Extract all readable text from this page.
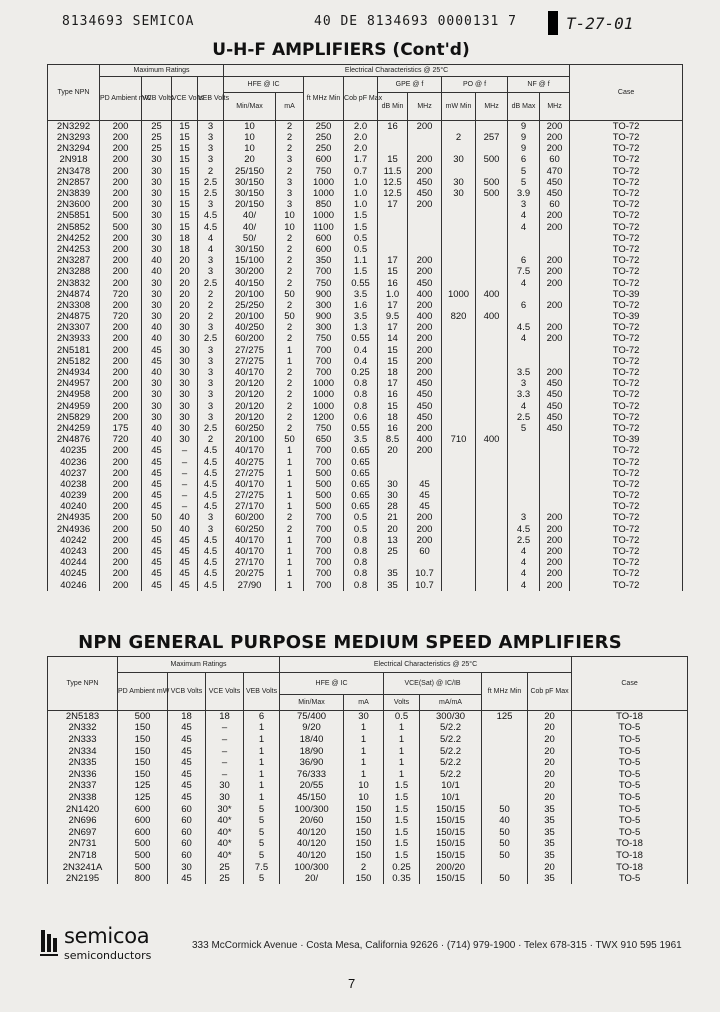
8134693 SEMICOA	40 DE 8134693 0000131 7	T-27-01
U-H-F AMPLIFIERS (Cont'd)
Type NPN	Maximum Ratings				Electrical Characteristics @ 25°C										Case
	PD Ambient mW	VCB Volts	VCE Volts	VEB Volts	HFE @ IC		ft MHz Min	Cob pF Max	GPE @ f		PO @ f		NF @ f		
					Min/Max	mA			dB Min	MHz	mW Min	MHz	dB Max	MHz	
2N3292	200	25	15	3	10	2	250	2.0	16	200			9	200	TO-72
2N3293	200	25	15	3	10	2	250	2.0			2	257	9	200	TO-72
2N3294	200	25	15	3	10	2	250	2.0					9	200	TO-72
2N918	200	30	15	3	20	3	600	1.7	15	200	30	500	6	60	TO-72
2N3478	200	30	15	2	25/150	2	750	0.7	11.5	200			5	470	TO-72
2N2857	200	30	15	2.5	30/150	3	1000	1.0	12.5	450	30	500	5	450	TO-72
2N3839	200	30	15	2.5	30/150	3	1000	1.0	12.5	450	30	500	3.9	450	TO-72
2N3600	200	30	15	3	20/150	3	850	1.0	17	200			3	60	TO-72
2N5851	500	30	15	4.5	40/	10	1000	1.5					4	200	TO-72
2N5852	500	30	15	4.5	40/	10	1100	1.5					4	200	TO-72
2N4252	200	30	18	4	50/	2	600	0.5							TO-72
2N4253	200	30	18	4	30/150	2	600	0.5							TO-72
2N3287	200	40	20	3	15/100	2	350	1.1	17	200			6	200	TO-72
2N3288	200	40	20	3	30/200	2	700	1.5	15	200			7.5	200	TO-72
2N3832	200	30	20	2.5	40/150	2	750	0.55	16	450			4	200	TO-72
2N4874	720	30	20	2	20/100	50	900	3.5	1.0	400	1000	400			TO-39
2N3308	200	30	20	2	25/250	2	300	1.6	17	200			6	200	TO-72
2N4875	720	30	20	2	20/100	50	900	3.5	9.5	400	820	400			TO-39
2N3307	200	40	30	3	40/250	2	300	1.3	17	200			4.5	200	TO-72
2N3933	200	40	30	2.5	60/200	2	750	0.55	14	200			4	200	TO-72
2N5181	200	45	30	3	27/275	1	700	0.4	15	200					TO-72
2N5182	200	45	30	3	27/275	1	700	0.4	15	200					TO-72
2N4934	200	40	30	3	40/170	2	700	0.25	18	200			3.5	200	TO-72
2N4957	200	30	30	3	20/120	2	1000	0.8	17	450			3	450	TO-72
2N4958	200	30	30	3	20/120	2	1000	0.8	16	450			3.3	450	TO-72
2N4959	200	30	30	3	20/120	2	1000	0.8	15	450			4	450	TO-72
2N5829	200	30	30	3	20/120	2	1200	0.6	18	450			2.5	450	TO-72
2N4259	175	40	30	2.5	60/250	2	750	0.55	16	200			5	450	TO-72
2N4876	720	40	30	2	20/100	50	650	3.5	8.5	400	710	400			TO-39
40235	200	45	–	4.5	40/170	1	700	0.65	20	200					TO-72
40236	200	45	–	4.5	40/275	1	700	0.65							TO-72
40237	200	45	–	4.5	27/275	1	500	0.65							TO-72
40238	200	45	–	4.5	40/170	1	500	0.65	30	45					TO-72
40239	200	45	–	4.5	27/275	1	500	0.65	30	45					TO-72
40240	200	45	–	4.5	27/170	1	500	0.65	28	45					TO-72
2N4935	200	50	40	3	60/200	2	700	0.5	21	200			3	200	TO-72
2N4936	200	50	40	3	60/250	2	700	0.5	20	200			4.5	200	TO-72
40242	200	45	45	4.5	40/170	1	700	0.8	13	200			2.5	200	TO-72
40243	200	45	45	4.5	40/170	1	700	0.8	25	60			4	200	TO-72
40244	200	45	45	4.5	27/170	1	700	0.8					4	200	TO-72
40245	200	45	45	4.5	20/275	1	700	0.8	35	10.7			4	200	TO-72
40246	200	45	45	4.5	27/90	1	700	0.8	35	10.7			4	200	TO-72
NPN GENERAL PURPOSE MEDIUM SPEED AMPLIFIERS
Type NPN	Maximum Ratings				Electrical Characteristics @ 25°C						Case
	PD Ambient mW	VCB Volts	VCE Volts	VEB Volts	HFE @ IC		VCE(Sat) @ IC/IB		ft MHz Min	Cob pF Max	
					Min/Max	mA	Volts	mA/mA			
2N5183	500	18	18	6	75/400	30	0.5	300/30	125	20	TO-18
2N332	150	45	–	1	9/20	1	1	5/2.2		20	TO-5
2N333	150	45	–	1	18/40	1	1	5/2.2		20	TO-5
2N334	150	45	–	1	18/90	1	1	5/2.2		20	TO-5
2N335	150	45	–	1	36/90	1	1	5/2.2		20	TO-5
2N336	150	45	–	1	76/333	1	1	5/2.2		20	TO-5
2N337	125	45	30	1	20/55	10	1.5	10/1		20	TO-5
2N338	125	45	30	1	45/150	10	1.5	10/1		20	TO-5
2N1420	600	60	30*	5	100/300	150	1.5	150/15	50	35	TO-5
2N696	600	60	40*	5	20/60	150	1.5	150/15	40	35	TO-5
2N697	600	60	40*	5	40/120	150	1.5	150/15	50	35	TO-5
2N731	500	60	40*	5	40/120	150	1.5	150/15	50	35	TO-18
2N718	500	60	40*	5	40/120	150	1.5	150/15	50	35	TO-18
2N3241A	500	30	25	7.5	100/300	2	0.25	200/20		20	TO-18
2N2195	800	45	25	5	20/	150	0.35	150/15	50	35	TO-5
semicoa
semiconductors
333 McCormick Avenue · Costa Mesa, California 92626 · (714) 979-1900 · Telex 678-315 · TWX 910 595 1961
7
